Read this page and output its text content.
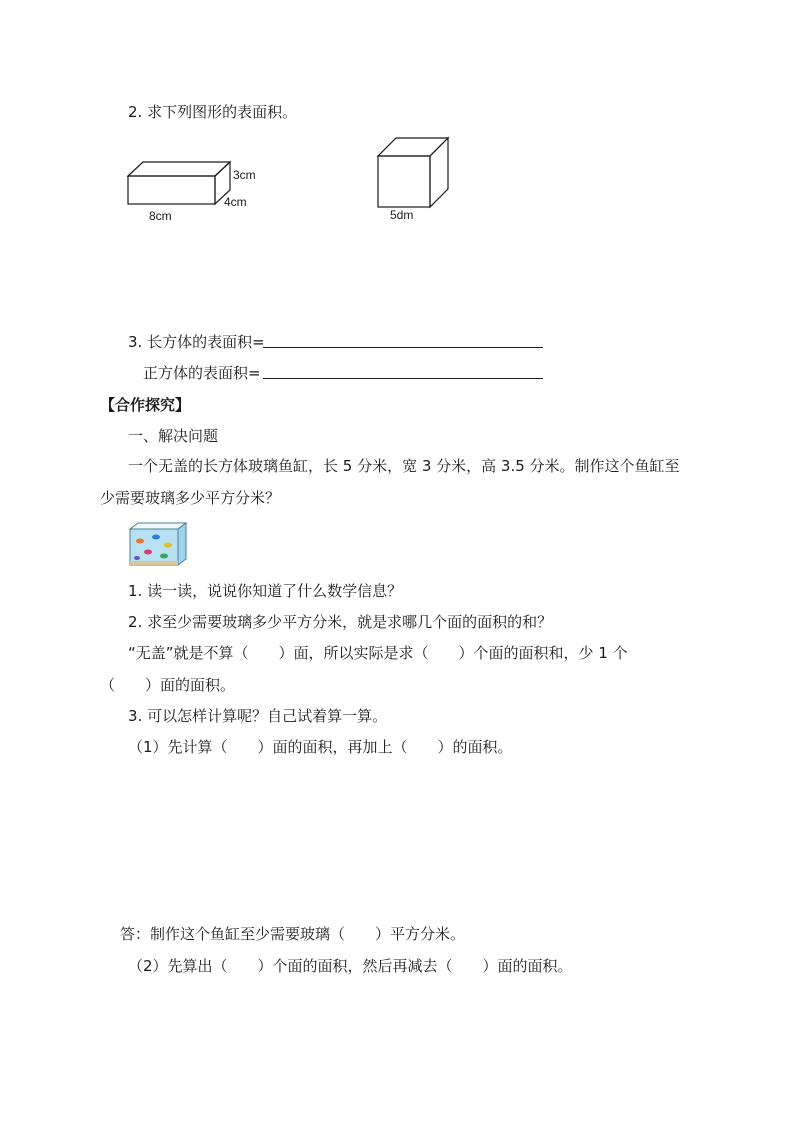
2. 求下列图形的表面积。
3cm
4cm
8cm	5dm
3. 长方体的表面积=
正方体的表面积=
【合作探究】
一、解决问题
一个无盖的长方体玻璃鱼缸，长 5 分米，宽 3 分米，高 3.5 分米。制作这个鱼缸至
少需要玻璃多少平方分米？
1. 读一读，说说你知道了什么数学信息？
2. 求至少需要玻璃多少平方分米，就是求哪几个面的面积的和？
“无盖”就是不算（　　）面，所以实际是求（　　）个面的面积和，少 1 个
（　　）面的面积。
3. 可以怎样计算呢？自己试着算一算。
（1）先计算（　　）面的面积，再加上（　　）的面积。
答：制作这个鱼缸至少需要玻璃（　　）平方分米。
（2）先算出（　　）个面的面积，然后再减去（　　）面的面积。
